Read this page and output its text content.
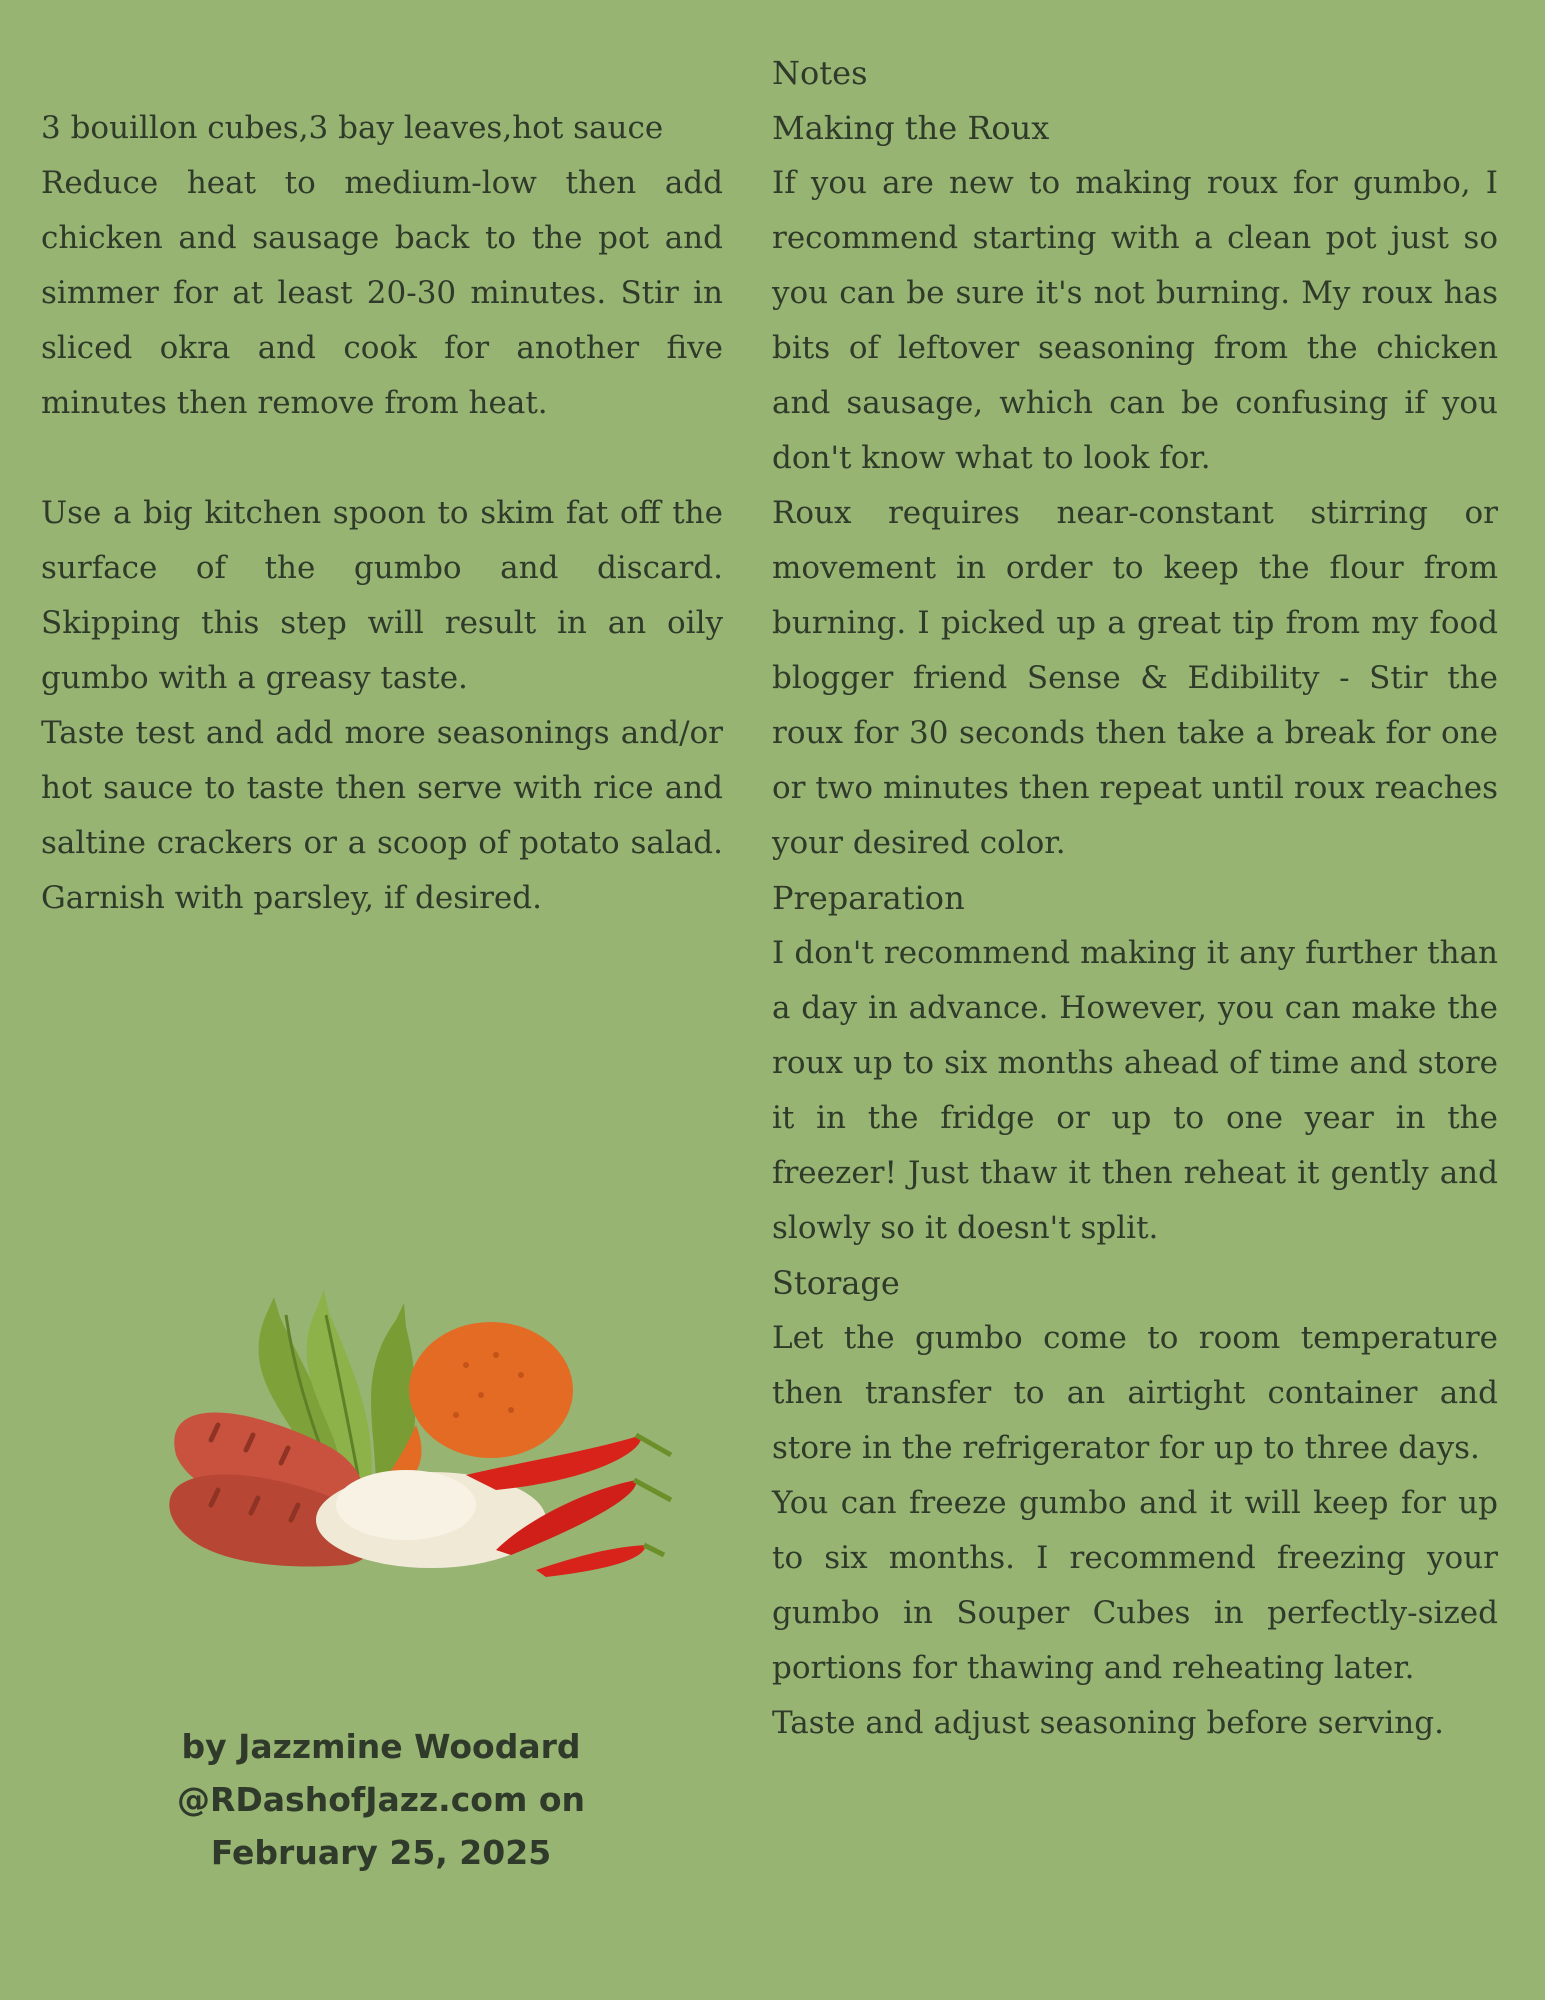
3 bouillon cubes,3 bay leaves,hot sauce

Reduce heat to medium-low then add chicken and sausage back to the pot and simmer for at least 20-30 minutes. Stir in sliced okra and cook for another five minutes then remove from heat.

Use a big kitchen spoon to skim fat off the surface of the gumbo and discard. Skipping this step will result in an oily gumbo with a greasy taste.

Taste test and add more seasonings and/or hot sauce to taste then serve with rice and saltine crackers or a scoop of potato salad. Garnish with parsley, if desired.

by Jazzmine Woodard
@RDashofJazz.com on
February 25, 2025
Notes
Making the Roux

If you are new to making roux for gumbo, I recommend starting with a clean pot just so you can be sure it's not burning. My roux has bits of leftover seasoning from the chicken and sausage, which can be confusing if you don't know what to look for.

Roux requires near-constant stirring or movement in order to keep the flour from burning. I picked up a great tip from my food blogger friend Sense & Edibility - Stir the roux for 30 seconds then take a break for one or two minutes then repeat until roux reaches your desired color.

Preparation

I don't recommend making it any further than a day in advance. However, you can make the roux up to six months ahead of time and store it in the fridge or up to one year in the freezer! Just thaw it then reheat it gently and slowly so it doesn't split.

Storage

Let the gumbo come to room temperature then transfer to an airtight container and store in the refrigerator for up to three days.

You can freeze gumbo and it will keep for up to six months. I recommend freezing your gumbo in Souper Cubes in perfectly-sized portions for thawing and reheating later.

Taste and adjust seasoning before serving.
